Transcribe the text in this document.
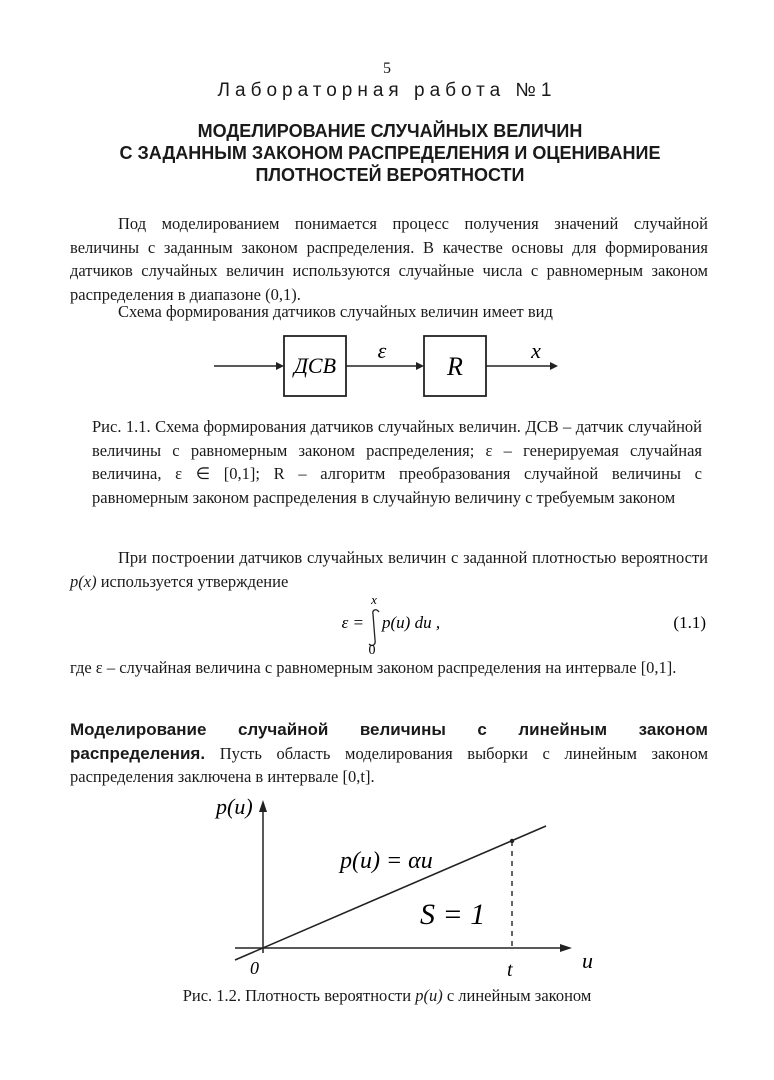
5
Лабораторная работа №1
МОДЕЛИРОВАНИЕ СЛУЧАЙНЫХ ВЕЛИЧИН
С ЗАДАННЫМ ЗАКОНОМ РАСПРЕДЕЛЕНИЯ И ОЦЕНИВАНИЕ
ПЛОТНОСТЕЙ ВЕРОЯТНОСТИ
Под моделированием понимается процесс получения значений случайной величины с заданным законом распределения. В качестве основы для формирования датчиков случайных величин используются случайные числа с равномерным законом распределения в диапазоне (0,1).
Схема формирования датчиков случайных величин имеет вид
ДСВ
ε
R
x
Рис. 1.1. Схема формирования датчиков случайных величин. ДСВ – датчик случайной величины с равномерным законом распределения; ε – генерируемая случайная величина, ε ∈ [0,1]; R – алгоритм преобразования случайной величины с равномерным законом распределения в случайную величину с требуемым законом
При построении датчиков случайных величин с заданной плотностью вероятности p(x) используется утверждение
ε =
x
0
p(u) du ,	(1.1)
где ε – случайная величина с равномерным законом распределения на интервале [0,1].
Моделирование случайной величины с линейным законом распределения. Пусть область моделирования выборки с линейным законом распределения заключена в интервале [0,t].
p(u)
u
0	t
p(u) = αu
S = 1
Рис. 1.2. Плотность вероятности p(u) с линейным законом
